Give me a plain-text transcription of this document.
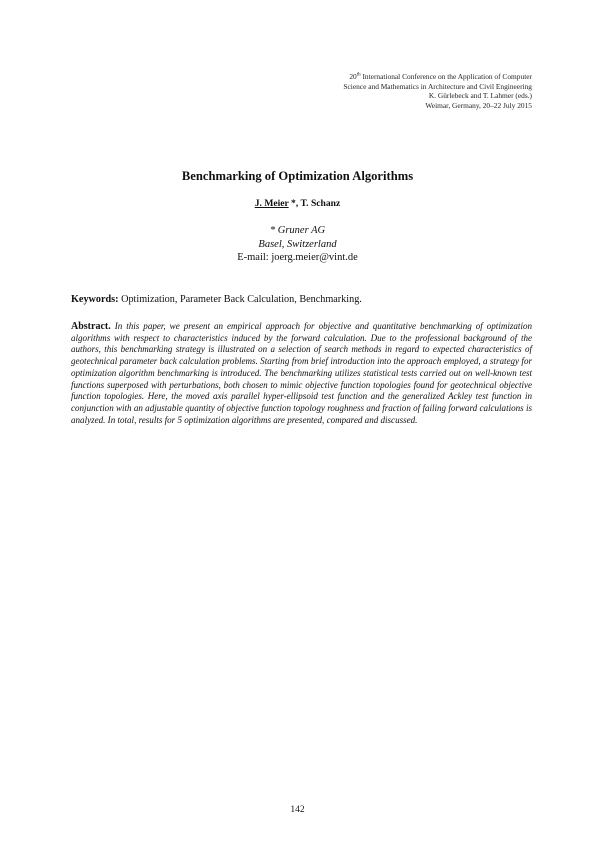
20th International Conference on the Application of Computer
Science and Mathematics in Architecture and Civil Engineering
K. Gürlebeck and T. Lahmer (eds.)
Weimar, Germany, 20–22 July 2015
Benchmarking of Optimization Algorithms
J. Meier *, T. Schanz
* Gruner AG
Basel, Switzerland
E-mail: joerg.meier@vint.de
Keywords: Optimization, Parameter Back Calculation, Benchmarking.
Abstract. In this paper, we present an empirical approach for objective and quantitative benchmarking of optimization algorithms with respect to characteristics induced by the forward calculation. Due to the professional background of the authors, this benchmarking strategy is illustrated on a selection of search methods in regard to expected characteristics of geotechnical parameter back calculation problems. Starting from brief introduction into the approach employed, a strategy for optimization algorithm benchmarking is introduced. The benchmarking utilizes statistical tests carried out on well-known test functions superposed with perturbations, both chosen to mimic objective function topologies found for geotechnical objective function topologies. Here, the moved axis parallel hyper-ellipsoid test function and the generalized Ackley test function in conjunction with an adjustable quantity of objective function topology roughness and fraction of failing forward calculations is analyzed. In total, results for 5 optimization algorithms are presented, compared and discussed.
142
